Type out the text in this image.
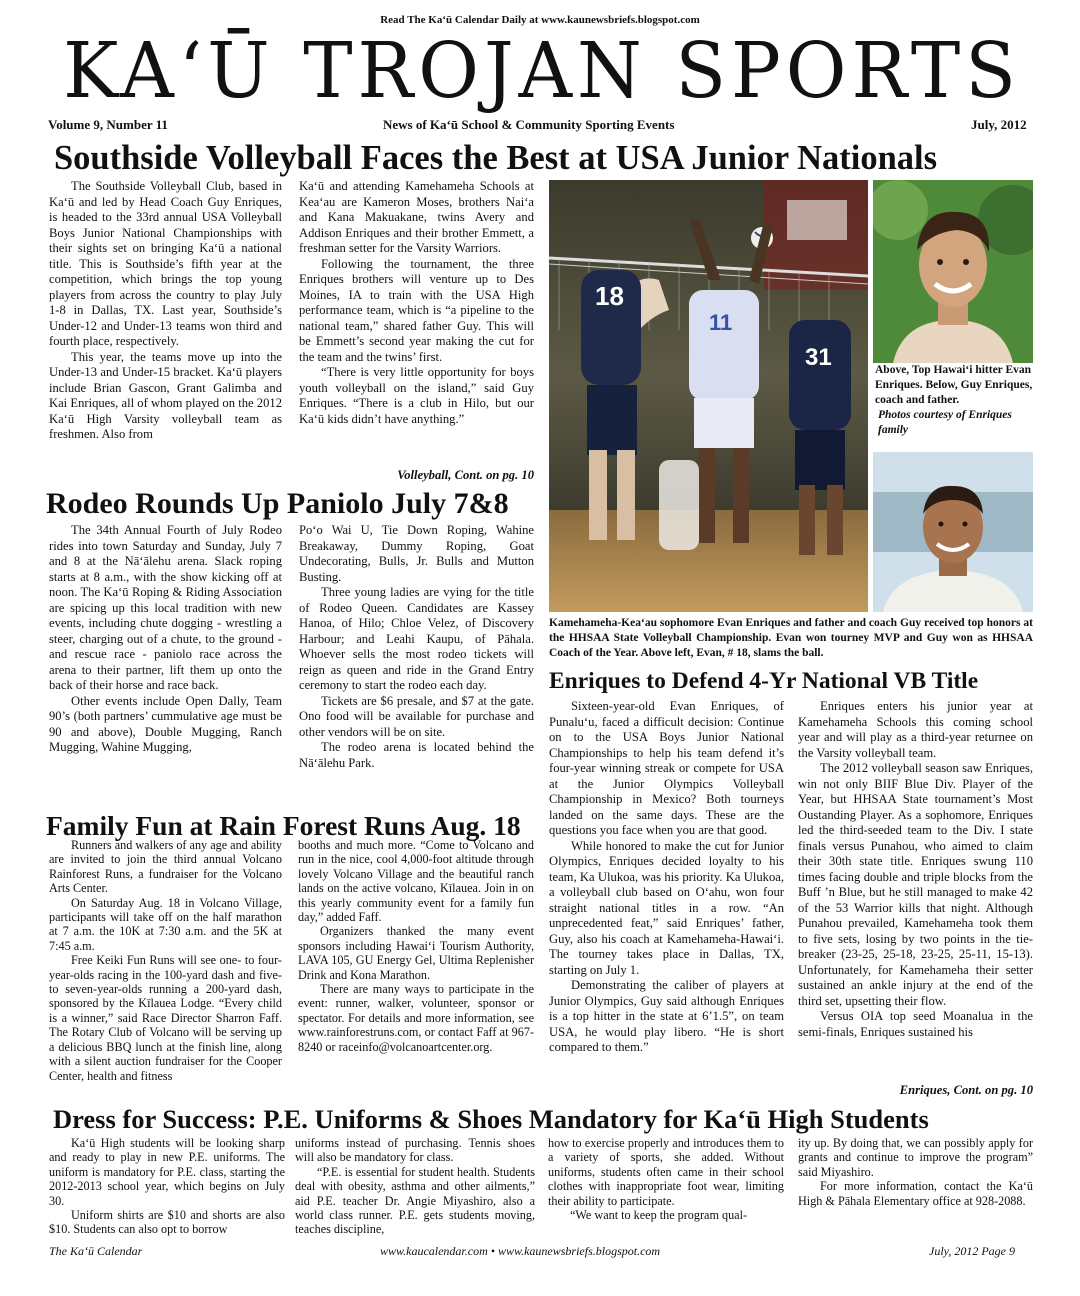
Read The Ka‘ū Calendar Daily at www.kaunewsbriefs.blogspot.com
KA‘Ū TROJAN SPORTS
Volume 9, Number 11	News of Ka‘ū School & Community Sporting Events	July, 2012
Southside Volleyball Faces the Best at USA Junior Nationals

The Southside Volleyball Club, based in Ka‘ū and led by Head Coach Guy Enriques, is headed to the 33rd annual USA Volleyball Boys Junior National Championships with their sights set on bringing Ka‘ū a national title. This is Southside’s fifth year at the competition, which brings the top young players from across the country to play July 1-8 in Dallas, TX. Last year, Southside’s Under-12 and Under-13 teams won third and fourth place, respectively.

This year, the teams move up into the Under-13 and Under-15 bracket. Ka‘ū players include Brian Gascon, Grant Galimba and Kai Enriques, all of whom played on the 2012 Ka‘ū High Varsity volleyball team as freshmen. Also from

Ka‘ū and attending Kamehameha Schools at Kea‘au are Kameron Moses, brothers Nai‘a and Kana Makuakane, twins Avery and Addison Enriques and their brother Emmett, a freshman setter for the Varsity Warriors.

Following the tournament, the three Enriques brothers will venture up to Des Moines, IA to train with the USA High performance team, which is “a pipeline to the national team,” shared father Guy. This will be Emmett’s second year making the cut for the team and the twins’ first.

“There is very little opportunity for boys youth volleyball on the island,” said Guy Enriques. “There is a club in Hilo, but our Ka‘ū kids didn’t have anything.”

Volleyball, Cont. on pg. 10
18
11
31	Above, Top Hawai‘i hitter Evan Enriques. Below, Guy Enriques, coach and father.
Photos courtesy of Enriques family
Kamehameha-Kea‘au sophomore Evan Enriques and father and coach Guy received top honors at the HHSAA State Volleyball Championship. Evan won tourney MVP and Guy won as HHSAA Coach of the Year. Above left, Evan, # 18, slams the ball.
Rodeo Rounds Up Paniolo July 7&8

The 34th Annual Fourth of July Rodeo rides into town Saturday and Sunday, July 7 and 8 at the Nā‘ālehu arena. Slack roping starts at 8 a.m., with the show kicking off at noon. The Ka‘ū Roping & Riding Association are spicing up this local tradition with new events, including chute dogging - wrestling a steer, charging out of a chute, to the ground - and rescue race - paniolo race across the arena to their partner, lift them up onto the back of their horse and race back.

Other events include Open Dally, Team 90’s (both partners’ cummulative age must be 90 and above), Double Mugging, Ranch Mugging, Wahine Mugging,

Po‘o Wai U, Tie Down Roping, Wahine Breakaway, Dummy Roping, Goat Undecorating, Bulls, Jr. Bulls and Mutton Busting.

Three young ladies are vying for the title of Rodeo Queen. Candidates are Kassey Hanoa, of Hilo; Chloe Velez, of Discovery Harbour; and Leahi Kaupu, of Pāhala. Whoever sells the most rodeo tickets will reign as queen and ride in the Grand Entry ceremony to start the rodeo each day.

Tickets are $6 presale, and $7 at the gate. Ono food will be available for purchase and other vendors will be on site.

The rodeo arena is located behind the Nā‘ālehu Park.

Family Fun at Rain Forest Runs Aug. 18

Runners and walkers of any age and ability are invited to join the third annual Volcano Rainforest Runs, a fundraiser for the Volcano Arts Center.

On Saturday Aug. 18 in Volcano Village, participants will take off on the half marathon at 7 a.m. the 10K at 7:30 a.m. and the 5K at 7:45 a.m.

Free Keiki Fun Runs will see one- to four-year-olds racing in the 100-yard dash and five- to seven-year-olds running a 200-yard dash, sponsored by the Kīlauea Lodge. “Every child is a winner,” said Race Director Sharron Faff. The Rotary Club of Volcano will be serving up a delicious BBQ lunch at the finish line, along with a silent auction fundraiser for the Cooper Center, health and fitness

booths and much more. “Come to Volcano and run in the nice, cool 4,000-foot altitude through lovely Volcano Village and the beautiful ranch lands on the active volcano, Kīlauea. Join in on this yearly community event for a family fun day,” added Faff.

Organizers thanked the many event sponsors including Hawai‘i Tourism Authority, LAVA 105, GU Energy Gel, Ultima Replenisher Drink and Kona Marathon.

There are many ways to participate in the event: runner, walker, volunteer, sponsor or spectator. For details and more information, see www.rainforestruns.com, or contact Faff at 967-8240 or raceinfo@volcanoartcenter.org.

Enriques to Defend 4-Yr National VB Title

Sixteen-year-old Evan Enriques, of Punalu‘u, faced a difficult decision: Continue on to the USA Boys Junior National Championships to help his team defend it’s four-year winning streak or compete for USA at the Junior Olympics Volleyball Championship in Mexico? Both tourneys landed on the same days. These are the questions you face when you are that good.

While honored to make the cut for Junior Olympics, Enriques decided loyalty to his team, Ka Ulukoa, was his priority. Ka Ulukoa, a volleyball club based on O‘ahu, won four straight national titles in a row. “An unprecedented feat,” said Enriques’ father, Guy, also his coach at Kamehameha-Hawai‘i. The tourney takes place in Dallas, TX, starting on July 1.

Demonstrating the caliber of players at Junior Olympics, Guy said although Enriques is a top hitter in the state at 6’1.5”, on team USA, he would play libero. “He is short compared to them.”

Enriques enters his junior year at Kamehameha Schools this coming school year and will play as a third-year returnee on the Varsity volleyball team.

The 2012 volleyball season saw Enriques, win not only BIIF Blue Div. Player of the Year, but HHSAA State tournament’s Most Oustanding Player. As a sophomore, Enriques led the third-seeded team to the Div. I state finals versus Punahou, who aimed to claim their 30th state title. Enriques swung 110 times facing double and triple blocks from the Buff ’n Blue, but he still managed to make 42 of the 53 Warrior kills that night. Although Punahou prevailed, Kamehameha took them to five sets, losing by two points in the tie-breaker (23-25, 25-18, 23-25, 25-11, 15-13). Unfortunately, for Kamehameha their setter sustained an ankle injury at the end of the third set, upsetting their flow.

Versus OIA top seed Moanalua in the semi-finals, Enriques sustained his

Enriques, Cont. on pg. 10
Dress for Success: P.E. Uniforms & Shoes Mandatory for Ka‘ū High Students

Ka‘ū High students will be looking sharp and ready to play in new P.E. uniforms. The uniform is mandatory for P.E. class, starting the 2012-2013 school year, which begins on July 30.

Uniform shirts are $10 and shorts are also $10. Students can also opt to borrow

uniforms instead of purchasing. Tennis shoes will also be mandatory for class.

“P.E. is essential for student health. Students deal with obesity, asthma and other ailments,” aid P.E. teacher Dr. Angie Miyashiro, also a world class runner. P.E. gets students moving, teaches discipline,

how to exercise properly and introduces them to a variety of sports, she added. Without uniforms, students often came in their school clothes with inappropriate foot wear, limiting their ability to participate.

“We want to keep the program qual-

ity up. By doing that, we can possibly apply for grants and continue to improve the program” said Miyashiro.

For more information, contact the Ka‘ū High & Pāhala Elementary office at 928-2088.

The Ka‘ū Calendar	www.kaucalendar.com • www.kaunewsbriefs.blogspot.com	July, 2012 Page 9
